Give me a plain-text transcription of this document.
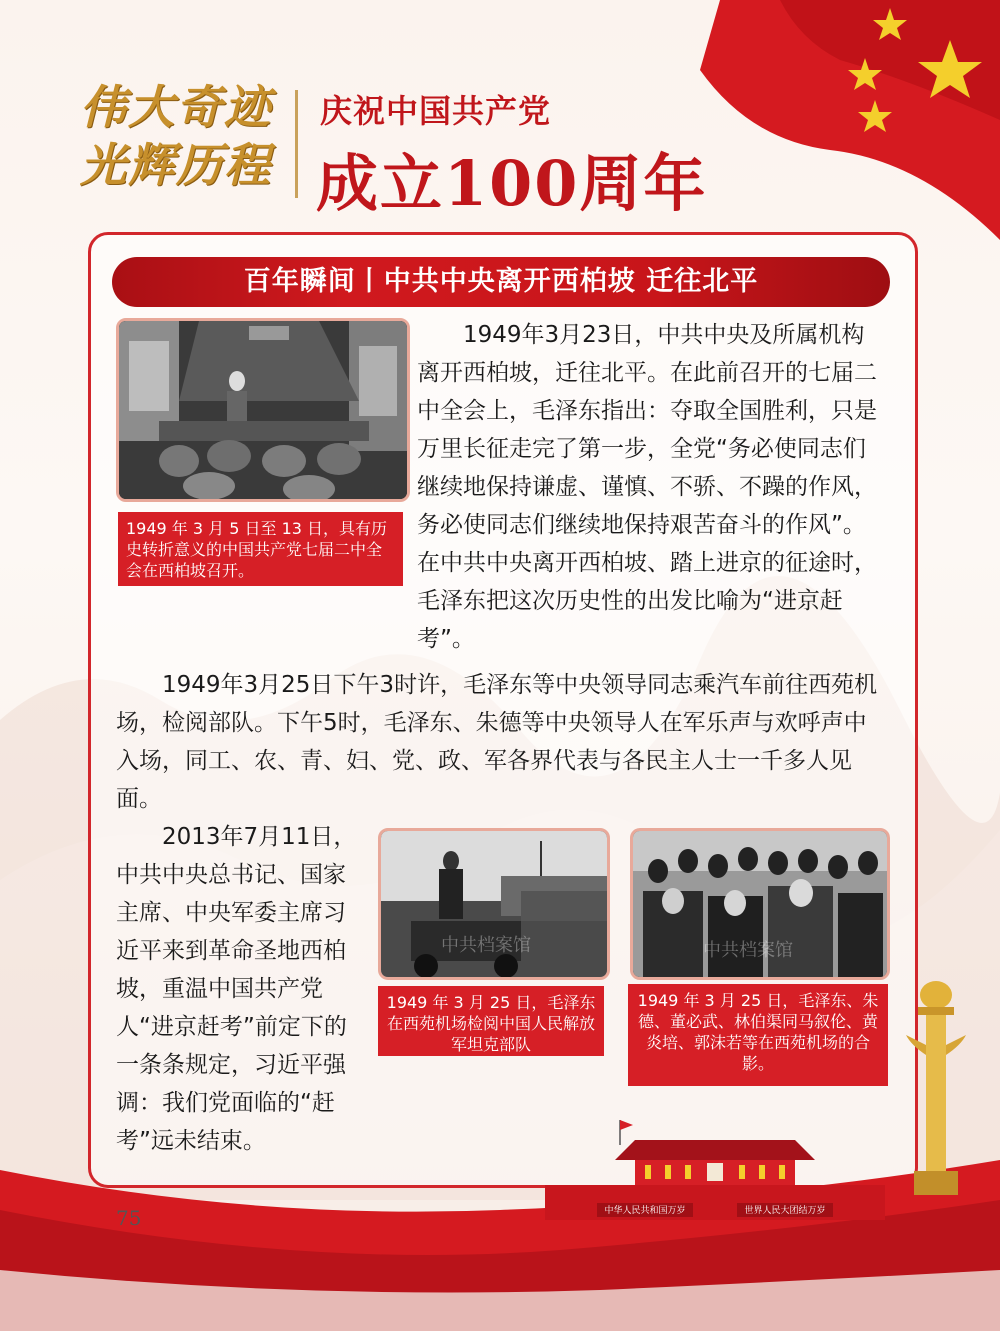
伟大奇迹
光辉历程
庆祝中国共产党
成立100周年
百年瞬间丨中共中央离开西柏坡 迁往北平
1949 年 3 月 5 日至 13 日，具有历史转折意义的中国共产党七届二中全会在西柏坡召开。

1949年3月23日，中共中央及所属机构离开西柏坡，迁往北平。在此前召开的七届二中全会上，毛泽东指出：夺取全国胜利，只是万里长征走完了第一步，全党“务必使同志们继续地保持谦虚、谨慎、不骄、不躁的作风，务必使同志们继续地保持艰苦奋斗的作风”。在中共中央离开西柏坡、踏上进京的征途时，毛泽东把这次历史性的出发比喻为“进京赶考”。

中共档案馆
1949 年 3 月 25 日，毛泽东在西苑机场检阅中国人民解放军坦克部队
中共档案馆
1949 年 3 月 25 日，毛泽东、朱德、董必武、林伯渠同马叙伦、黄炎培、郭沫若等在西苑机场的合影。

1949年3月25日下午3时许，毛泽东等中央领导同志乘汽车前往西苑机场，检阅部队。下午5时，毛泽东、朱德等中央领导人在军乐声与欢呼声中入场，同工、农、青、妇、党、政、军各界代表与各民主人士一千多人见面。

2013年7月11日，中共中央总书记、国家主席、中央军委主席习近平来到革命圣地西柏坡，重温中国共产党人“进京赶考”前定下的一条条规定，习近平强调：我们党面临的“赶考”远未结束。

中华人民共和国万岁	世界人民大团结万岁
75
